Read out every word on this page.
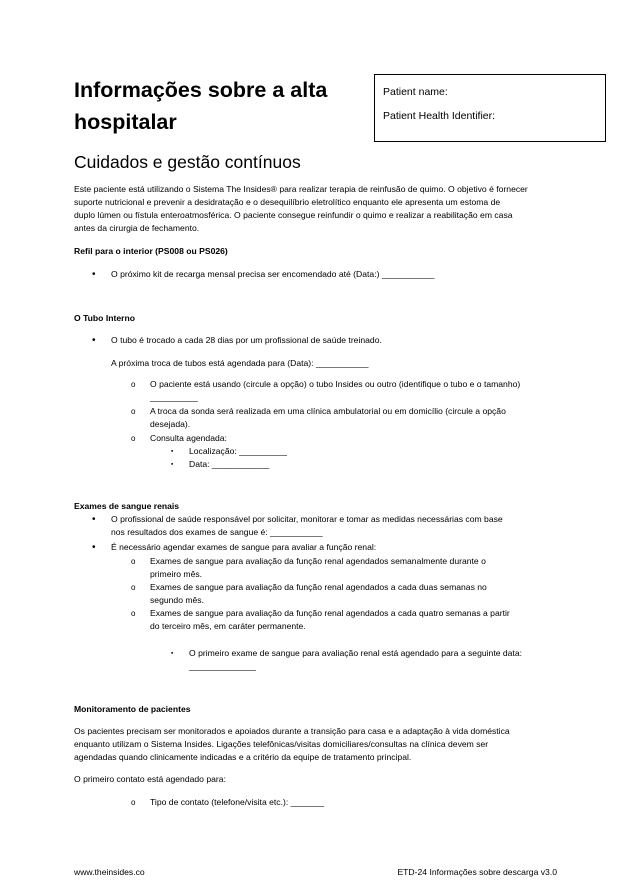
Informações sobre a alta hospitalar
Patient name:
Patient Health Identifier:
Cuidados e gestão contínuos
Este paciente está utilizando o Sistema The Insides® para realizar terapia de reinfusão de quimo. O objetivo é fornecer
suporte nutricional e prevenir a desidratação e o desequilíbrio eletrolítico enquanto ele apresenta um estoma de
duplo lúmen ou fístula enteroatmosférica. O paciente consegue reinfundir o quimo e realizar a reabilitação em casa
antes da cirurgia de fechamento.
Refil para o interior (PS008 ou PS026)
• O próximo kit de recarga mensal precisa ser encomendado até (Data:) ___________
O Tubo Interno
• O tubo é trocado a cada 28 dias por um profissional de saúde treinado.
A próxima troca de tubos está agendada para (Data): ___________
o O paciente está usando (circule a opção) o tubo Insides ou outro (identifique o tubo e o tamanho)
__________
o A troca da sonda será realizada em uma clínica ambulatorial ou em domicílio (circule a opção
desejada).
o Consulta agendada:
▪ Localização: __________
▪ Data: ____________
Exames de sangue renais
• O profissional de saúde responsável por solicitar, monitorar e tomar as medidas necessárias com base
nos resultados dos exames de sangue é: ___________
• É necessário agendar exames de sangue para avaliar a função renal:
o Exames de sangue para avaliação da função renal agendados semanalmente durante o
primeiro mês.
o Exames de sangue para avaliação da função renal agendados a cada duas semanas no
segundo mês.
o Exames de sangue para avaliação da função renal agendados a cada quatro semanas a partir
do terceiro mês, em caráter permanente.
▪ O primeiro exame de sangue para avaliação renal está agendado para a seguinte data:
______________
Monitoramento de pacientes
Os pacientes precisam ser monitorados e apoiados durante a transição para casa e a adaptação à vida doméstica
enquanto utilizam o Sistema Insides. Ligações telefônicas/visitas domiciliares/consultas na clínica devem ser
agendadas quando clinicamente indicadas e a critério da equipe de tratamento principal.
O primeiro contato está agendado para:
o Tipo de contato (telefone/visita etc.): _______
www.theinsides.co	ETD-24 Informações sobre descarga v3.0
